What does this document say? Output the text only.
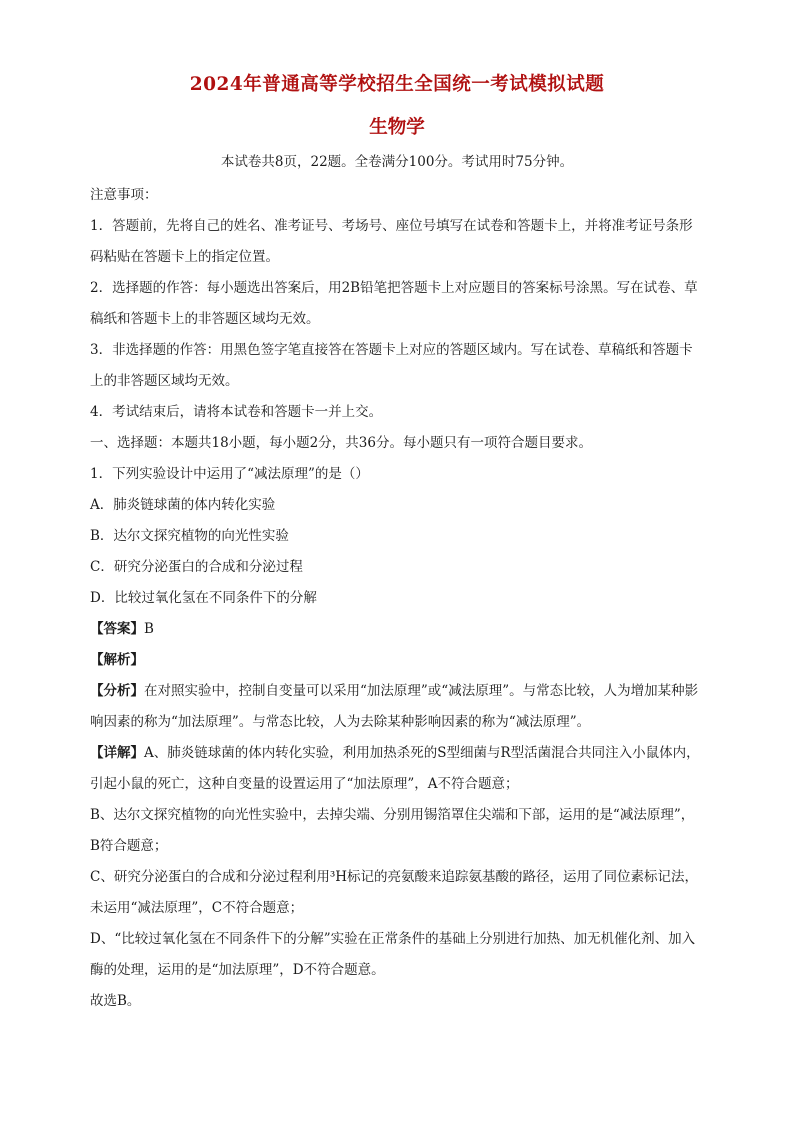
2024年普通高等学校招生全国统一考试模拟试题
生物学
本试卷共8页，22题。全卷满分100分。考试用时75分钟。

注意事项：

1．答题前，先将自己的姓名、准考证号、考场号、座位号填写在试卷和答题卡上，并将准考证号条形码粘贴在答题卡上的指定位置。

2．选择题的作答：每小题选出答案后，用2B铅笔把答题卡上对应题目的答案标号涂黑。写在试卷、草稿纸和答题卡上的非答题区域均无效。

3．非选择题的作答：用黑色签字笔直接答在答题卡上对应的答题区域内。写在试卷、草稿纸和答题卡上的非答题区域均无效。

4．考试结束后，请将本试卷和答题卡一并上交。

一、选择题：本题共18小题，每小题2分，共36分。每小题只有一项符合题目要求。

1．下列实验设计中运用了“减法原理”的是（）

A．肺炎链球菌的体内转化实验

B．达尔文探究植物的向光性实验

C．研究分泌蛋白的合成和分泌过程

D．比较过氧化氢在不同条件下的分解

【答案】B

【解析】

【分析】在对照实验中，控制自变量可以采用“加法原理”或“减法原理”。与常态比较，人为增加某种影响因素的称为“加法原理”。与常态比较，人为去除某种影响因素的称为“减法原理”。

【详解】A、肺炎链球菌的体内转化实验，利用加热杀死的S型细菌与R型活菌混合共同注入小鼠体内，引起小鼠的死亡，这种自变量的设置运用了“加法原理”，A不符合题意；

B、达尔文探究植物的向光性实验中，去掉尖端、分别用锡箔罩住尖端和下部，运用的是“减法原理”，B符合题意；

C、研究分泌蛋白的合成和分泌过程利用³H标记的亮氨酸来追踪氨基酸的路径，运用了同位素标记法，未运用“减法原理”，C不符合题意；

D、“比较过氧化氢在不同条件下的分解”实验在正常条件的基础上分别进行加热、加无机催化剂、加入酶的处理，运用的是“加法原理”，D不符合题意。

故选B。
